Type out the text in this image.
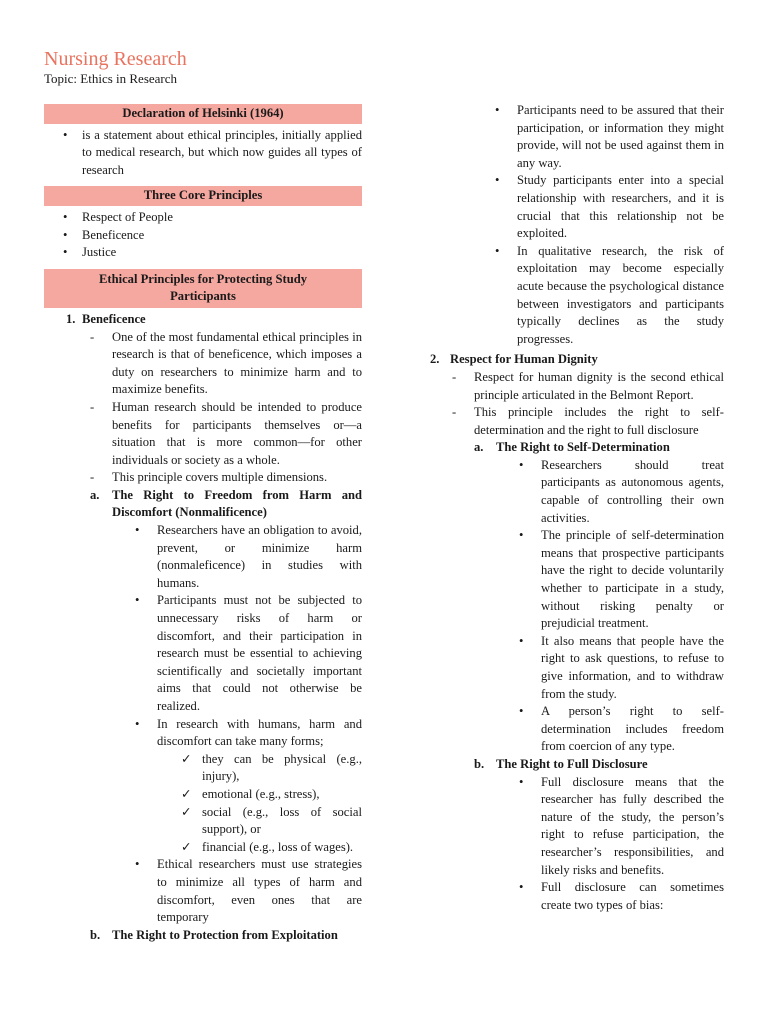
Nursing Research
Topic: Ethics in Research
Declaration of Helsinki (1964)
• is a statement about ethical principles, initially applied to medical research, but which now guides all types of research
Three Core Principles
• Respect of People
• Beneficence
• Justice
Ethical Principles for Protecting Study Participants
1. Beneficence
- One of the most fundamental ethical principles in research is that of beneficence, which imposes a duty on researchers to minimize harm and to maximize benefits.
- Human research should be intended to produce benefits for participants themselves or—a situation that is more common—for other individuals or society as a whole.
- This principle covers multiple dimensions.
a. The Right to Freedom from Harm and Discomfort (Nonmalificence)
• Researchers have an obligation to avoid, prevent, or minimize harm (nonmaleficence) in studies with humans.
• Participants must not be subjected to unnecessary risks of harm or discomfort, and their participation in research must be essential to achieving scientifically and societally important aims that could not otherwise be realized.
• In research with humans, harm and discomfort can take many forms;
✓ they can be physical (e.g., injury),
✓ emotional (e.g., stress),
✓ social (e.g., loss of social support), or
✓ financial (e.g., loss of wages).
• Ethical researchers must use strategies to minimize all types of harm and discomfort, even ones that are temporary
b. The Right to Protection from Exploitation
• Participants need to be assured that their participation, or information they might provide, will not be used against them in any way.
• Study participants enter into a special relationship with researchers, and it is crucial that this relationship not be exploited.
• In qualitative research, the risk of exploitation may become especially acute because the psychological distance between investigators and participants typically declines as the study progresses.
2. Respect for Human Dignity
- Respect for human dignity is the second ethical principle articulated in the Belmont Report.
- This principle includes the right to self-determination and the right to full disclosure
a. The Right to Self-Determination
• Researchers should treat participants as autonomous agents, capable of controlling their own activities.
• The principle of self-determination means that prospective participants have the right to decide voluntarily whether to participate in a study, without risking penalty or prejudicial treatment.
• It also means that people have the right to ask questions, to refuse to give information, and to withdraw from the study.
• A person’s right to self-determination includes freedom from coercion of any type.
b. The Right to Full Disclosure
• Full disclosure means that the researcher has fully described the nature of the study, the person’s right to refuse participation, the researcher’s responsibilities, and likely risks and benefits.
• Full disclosure can sometimes create two types of bias:
